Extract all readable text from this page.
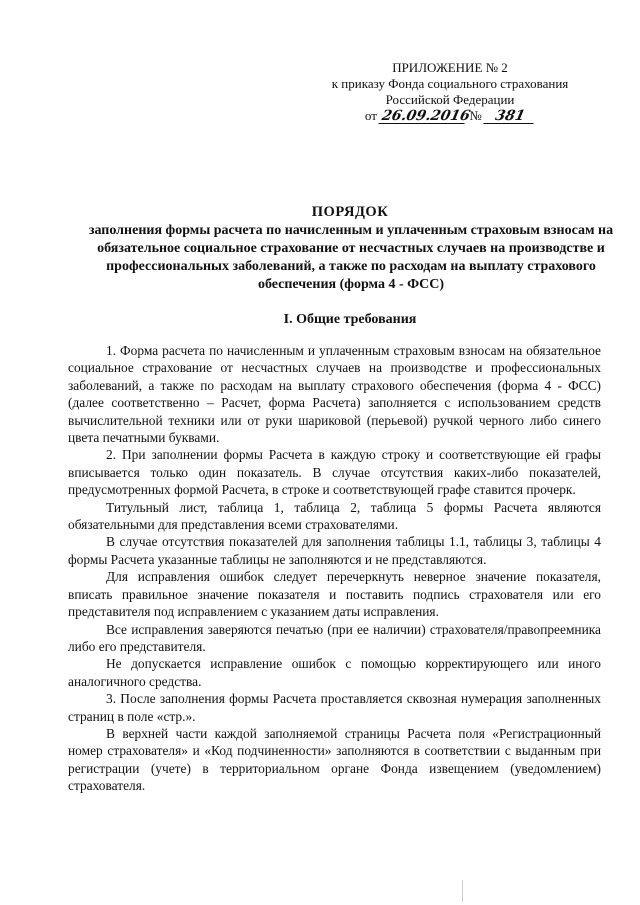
ПРИЛОЖЕНИЕ № 2
к приказу Фонда социального страхования
Российской Федерации
от 26.09.2016 № 381
ПОРЯДОК
заполнения формы расчета по начисленным и уплаченным страховым взносам на обязательное социальное страхование от несчастных случаев на производстве и профессиональных заболеваний, а также по расходам на выплату страхового обеспечения (форма 4 - ФСС)
I. Общие требования

1. Форма расчета по начисленным и уплаченным страховым взносам на обязательное социальное страхование от несчастных случаев на производстве и профессиональных заболеваний, а также по расходам на выплату страхового обеспечения (форма 4 - ФСС) (далее соответственно – Расчет, форма Расчета) заполняется с использованием средств вычислительной техники или от руки шариковой (перьевой) ручкой черного либо синего цвета печатными буквами.

2. При заполнении формы Расчета в каждую строку и соответствующие ей графы вписывается только один показатель. В случае отсутствия каких-либо показателей, предусмотренных формой Расчета, в строке и соответствующей графе ставится прочерк.

Титульный лист, таблица 1, таблица 2, таблица 5 формы Расчета являются обязательными для представления всеми страхователями.

В случае отсутствия показателей для заполнения таблицы 1.1, таблицы 3, таблицы 4 формы Расчета указанные таблицы не заполняются и не представляются.

Для исправления ошибок следует перечеркнуть неверное значение показателя, вписать правильное значение показателя и поставить подпись страхователя или его представителя под исправлением с указанием даты исправления.

Все исправления заверяются печатью (при ее наличии) страхователя/правопреемника либо его представителя.

Не допускается исправление ошибок с помощью корректирующего или иного аналогичного средства.

3. После заполнения формы Расчета проставляется сквозная нумерация заполненных страниц в поле «стр.».

В верхней части каждой заполняемой страницы Расчета поля «Регистрационный номер страхователя» и «Код подчиненности» заполняются в соответствии с выданным при регистрации (учете) в территориальном органе Фонда извещением (уведомлением) страхователя.
